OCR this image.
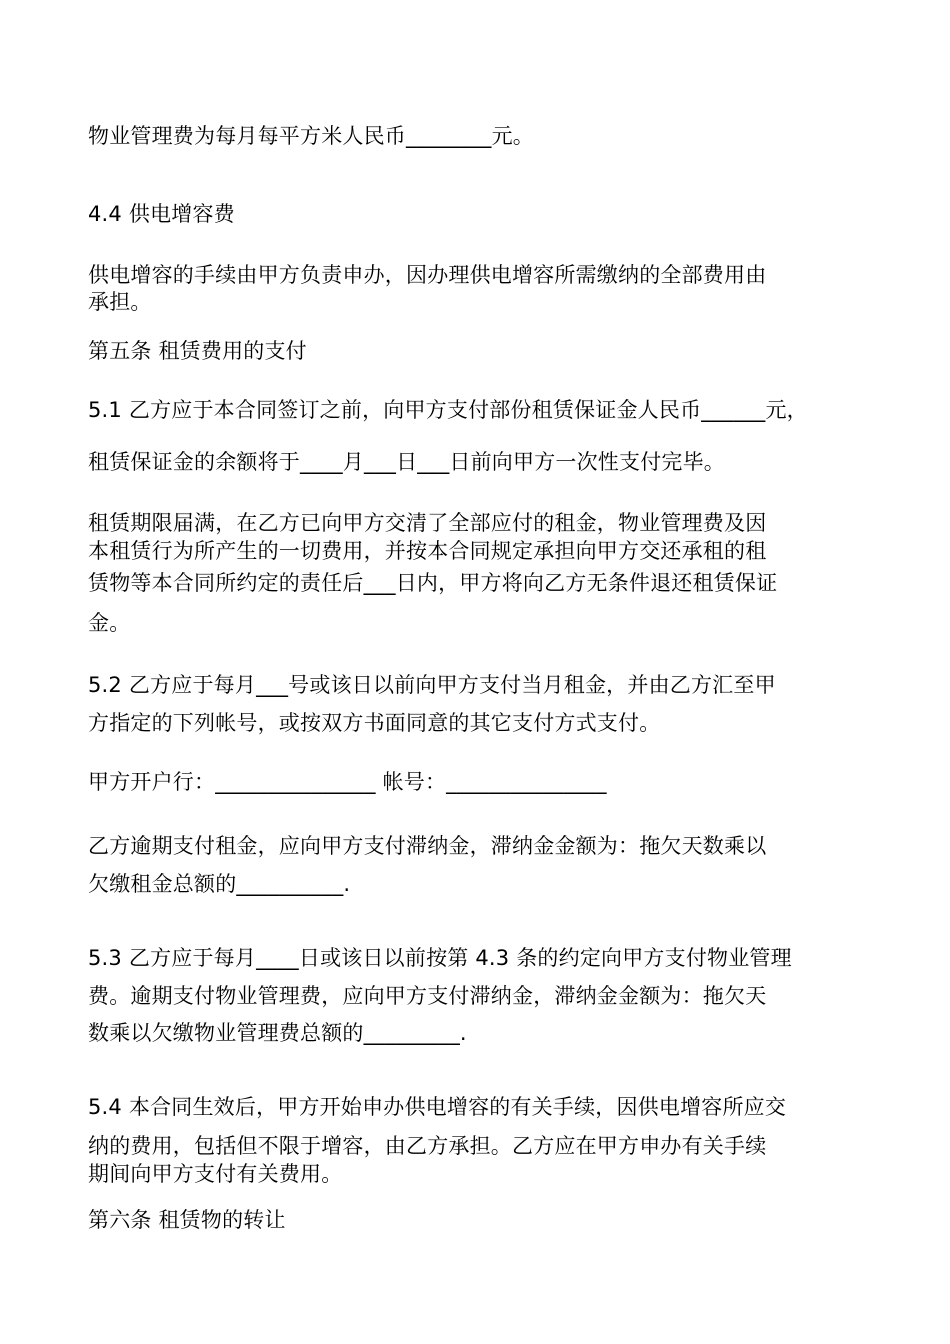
物业管理费为每月每平方米人民币________元。
4.4 供电增容费
供电增容的手续由甲方负责申办，因办理供电增容所需缴纳的全部费用由
承担。
第五条 租赁费用的支付
5.1 乙方应于本合同签订之前，向甲方支付部份租赁保证金人民币______元，
租赁保证金的余额将于____月___日___日前向甲方一次性支付完毕。
租赁期限届满，在乙方已向甲方交清了全部应付的租金，物业管理费及因
本租赁行为所产生的一切费用，并按本合同规定承担向甲方交还承租的租
赁物等本合同所约定的责任后___日内，甲方将向乙方无条件退还租赁保证
金。
5.2 乙方应于每月___号或该日以前向甲方支付当月租金，并由乙方汇至甲
方指定的下列帐号，或按双方书面同意的其它支付方式支付。
甲方开户行：_______________ 帐号：_______________
乙方逾期支付租金，应向甲方支付滞纳金，滞纳金金额为：拖欠天数乘以
欠缴租金总额的__________.
5.3 乙方应于每月____日或该日以前按第 4.3 条的约定向甲方支付物业管理
费。逾期支付物业管理费，应向甲方支付滞纳金，滞纳金金额为：拖欠天
数乘以欠缴物业管理费总额的_________.
5.4 本合同生效后，甲方开始申办供电增容的有关手续，因供电增容所应交
纳的费用，包括但不限于增容，由乙方承担。乙方应在甲方申办有关手续
期间向甲方支付有关费用。
第六条 租赁物的转让
